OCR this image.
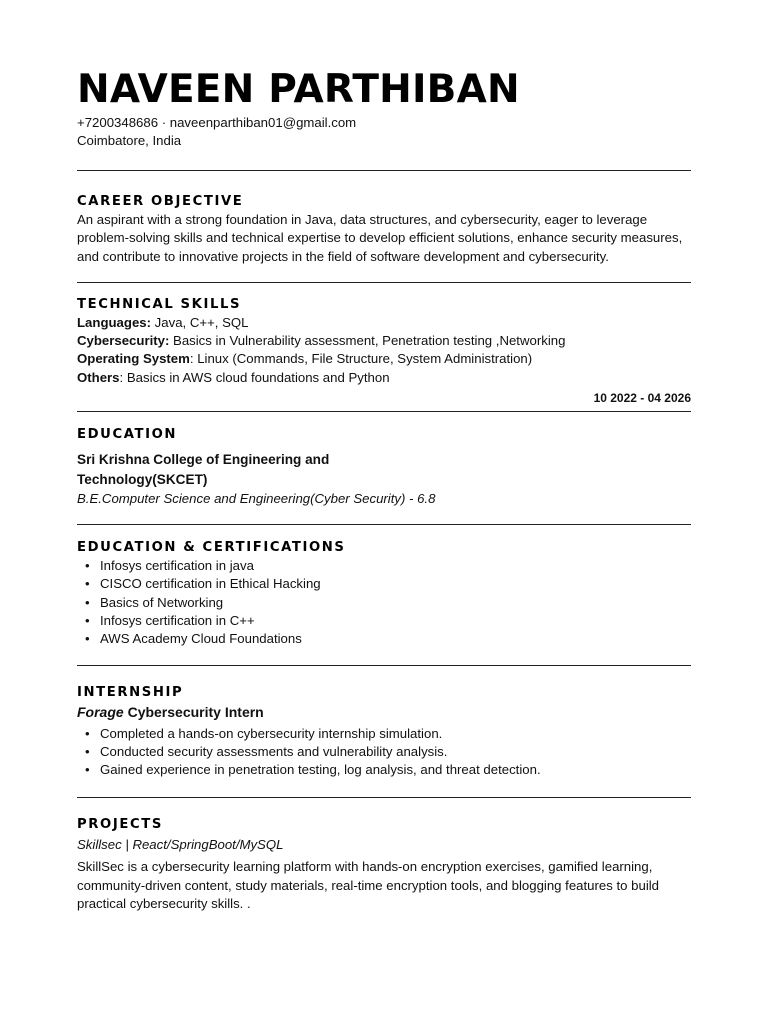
NAVEEN PARTHIBAN
+7200348686 · naveenparthiban01@gmail.com
Coimbatore, India
CAREER OBJECTIVE

An aspirant with a strong foundation in Java, data structures, and cybersecurity, eager to leverage problem-solving skills and technical expertise to develop efficient solutions, enhance security measures, and contribute to innovative projects in the field of software development and cybersecurity.

TECHNICAL SKILLS
Languages: Java, C++, SQL
Cybersecurity: Basics in Vulnerability assessment, Penetration testing ,Networking
Operating System: Linux (Commands, File Structure, System Administration)
Others: Basics in AWS cloud foundations and Python
10 2022 - 04 2026
EDUCATION
Sri Krishna College of Engineering and
Technology(SKCET)
B.E.Computer Science and Engineering(Cyber Security) - 6.8
EDUCATION & CERTIFICATIONS
• Infosys certification in java
• CISCO certification in Ethical Hacking
• Basics of Networking
• Infosys certification in C++
• AWS Academy Cloud Foundations
INTERNSHIP
Forage Cybersecurity Intern
• Completed a hands-on cybersecurity internship simulation.
• Conducted security assessments and vulnerability analysis.
• Gained experience in penetration testing, log analysis, and threat detection.
PROJECTS
Skillsec | React/SpringBoot/MySQL

SkillSec is a cybersecurity learning platform with hands-on encryption exercises, gamified learning, community-driven content, study materials, real-time encryption tools, and blogging features to build practical cybersecurity skills. .
